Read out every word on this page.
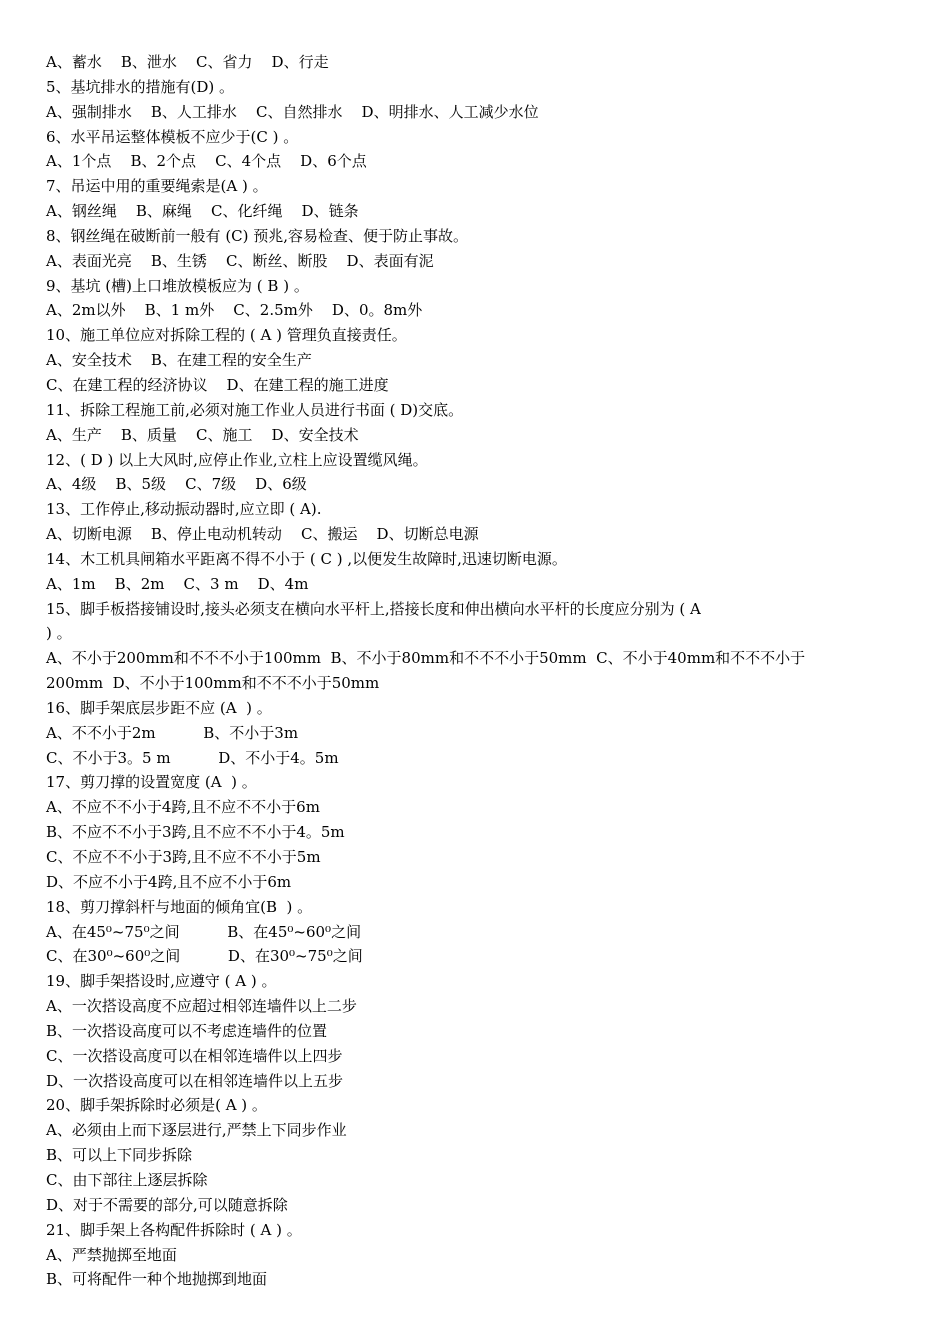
A、蓄水    B、泄水    C、省力    D、行走
5、基坑排水的措施有(D) 。
A、强制排水    B、人工排水    C、自然排水    D、明排水、人工减少水位
6、水平吊运整体模板不应少于(C ) 。
A、1个点    B、2个点    C、4个点    D、6个点
7、吊运中用的重要绳索是(A ) 。
A、钢丝绳    B、麻绳    C、化纤绳    D、链条
8、钢丝绳在破断前一般有 (C) 预兆,容易检查、便于防止事故。
A、表面光亮    B、生锈    C、断丝、断股    D、表面有泥
9、基坑 (槽)上口堆放模板应为 ( B ) 。
A、2m以外    B、1 m外    C、2.5m外    D、0。8m外
10、施工单位应对拆除工程的 ( A ) 管理负直接责任。
A、安全技术    B、在建工程的安全生产
C、在建工程的经济协议    D、在建工程的施工进度
11、拆除工程施工前,必须对施工作业人员进行书面 ( D)交底。
A、生产    B、质量    C、施工    D、安全技术
12、( D ) 以上大风时,应停止作业,立柱上应设置缆风绳。
A、4级    B、5级    C、7级    D、6级
13、工作停止,移动振动器时,应立即 ( A).
A、切断电源    B、停止电动机转动    C、搬运    D、切断总电源
14、木工机具闸箱水平距离不得不小于 ( C ) ,以便发生故障时,迅速切断电源。
A、1m    B、2m    C、3 m    D、4m
15、脚手板搭接铺设时,接头必须支在横向水平杆上,搭接长度和伸出横向水平杆的长度应分别为 ( A
) 。
A、不小于200mm和不不不小于100mm  B、不小于80mm和不不不小于50mm  C、不小于40mm和不不不小于
200mm  D、不小于100mm和不不不小于50mm
16、脚手架底层步距不应 (A  ) 。
A、不不小于2m          B、不小于3m
C、不小于3。5 m          D、不小于4。5m
17、剪刀撑的设置宽度 (A  ) 。
A、不应不不小于4跨,且不应不不小于6m
B、不应不不小于3跨,且不应不不小于4。5m
C、不应不不小于3跨,且不应不不小于5m
D、不应不小于4跨,且不应不小于6m
18、剪刀撑斜杆与地面的倾角宜(B  ) 。
A、在45⁰~75⁰之间          B、在45⁰~60⁰之间
C、在30⁰~60⁰之间          D、在30⁰~75⁰之间
19、脚手架搭设时,应遵守 ( A ) 。
A、一次搭设高度不应超过相邻连墙件以上二步
B、一次搭设高度可以不考虑连墙件的位置
C、一次搭设高度可以在相邻连墙件以上四步
D、一次搭设高度可以在相邻连墙件以上五步
20、脚手架拆除时必须是( A ) 。
A、必须由上而下逐层进行,严禁上下同步作业
B、可以上下同步拆除
C、由下部往上逐层拆除
D、对于不需要的部分,可以随意拆除
21、脚手架上各构配件拆除时 ( A ) 。
A、严禁抛掷至地面
B、可将配件一种个地抛掷到地面
